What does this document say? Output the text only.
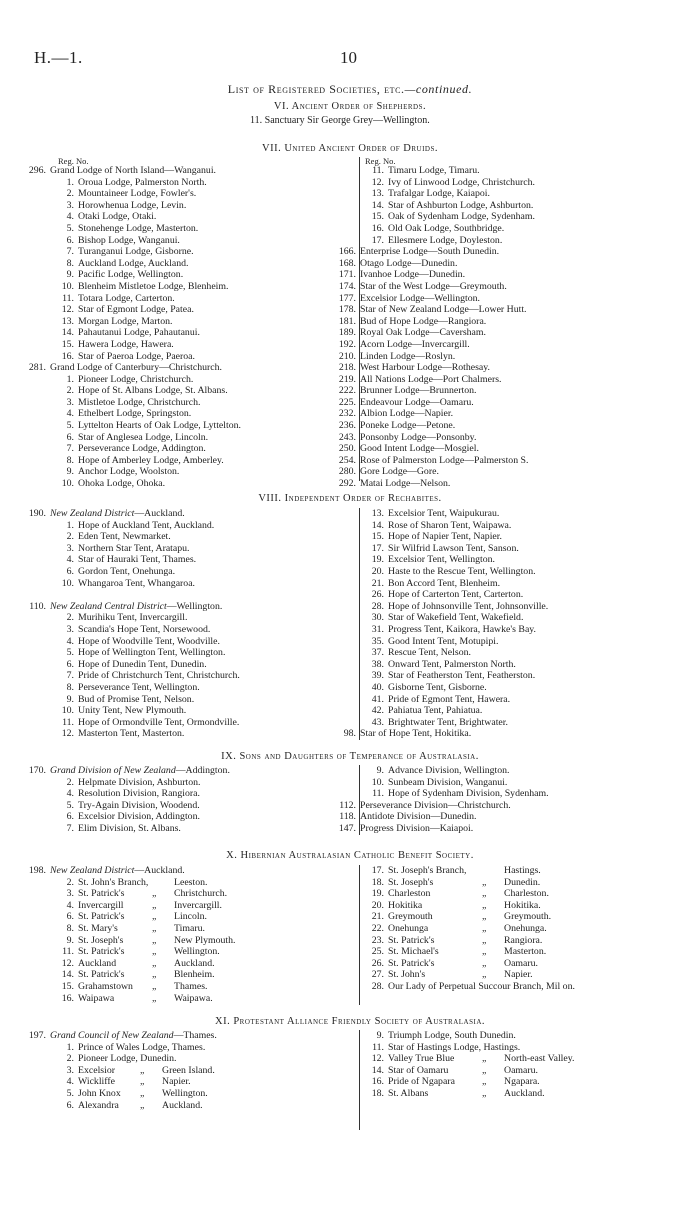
H.—1.	10
List of Registered Societies, etc.—continued.
VI. Ancient Order of Shepherds.
11. Sanctuary Sir George Grey—Wellington.
VII. United Ancient Order of Druids.
Reg. No.	Reg. No.
296. Grand Lodge of North Island—Wanganui.
1. Oroua Lodge, Palmerston North.
2. Mountaineer Lodge, Fowler's.
3. Horowhenua Lodge, Levin.
4. Otaki Lodge, Otaki.
5. Stonehenge Lodge, Masterton.
6. Bishop Lodge, Wanganui.
7. Turanganui Lodge, Gisborne.
8. Auckland Lodge, Auckland.
9. Pacific Lodge, Wellington.
10. Blenheim Mistletoe Lodge, Blenheim.
11. Totara Lodge, Carterton.
12. Star of Egmont Lodge, Patea.
13. Morgan Lodge, Marton.
14. Pahautanui Lodge, Pahautanui.
15. Hawera Lodge, Hawera.
16. Star of Paeroa Lodge, Paeroa.
281. Grand Lodge of Canterbury—Christchurch.
1. Pioneer Lodge, Christchurch.
2. Hope of St. Albans Lodge, St. Albans.
3. Mistletoe Lodge, Christchurch.
4. Ethelbert Lodge, Springston.
5. Lyttelton Hearts of Oak Lodge, Lyttelton.
6. Star of Anglesea Lodge, Lincoln.
7. Perseverance Lodge, Addington.
8. Hope of Amberley Lodge, Amberley.
9. Anchor Lodge, Woolston.
10. Ohoka Lodge, Ohoka.
11. Timaru Lodge, Timaru.
12. Ivy of Linwood Lodge, Christchurch.
13. Trafalgar Lodge, Kaiapoi.
14. Star of Ashburton Lodge, Ashburton.
15. Oak of Sydenham Lodge, Sydenham.
16. Old Oak Lodge, Southbridge.
17. Ellesmere Lodge, Doyleston.
166. Enterprise Lodge—South Dunedin.
168. Otago Lodge—Dunedin.
171. Ivanhoe Lodge—Dunedin.
174. Star of the West Lodge—Greymouth.
177. Excelsior Lodge—Wellington.
178. Star of New Zealand Lodge—Lower Hutt.
181. Bud of Hope Lodge—Rangiora.
189. Royal Oak Lodge—Caversham.
192. Acorn Lodge—Invercargill.
210. Linden Lodge—Roslyn.
218. West Harbour Lodge—Rothesay.
219. All Nations Lodge—Port Chalmers.
222. Brunner Lodge—Brunnerton.
225. Endeavour Lodge—Oamaru.
232. Albion Lodge—Napier.
236. Poneke Lodge—Petone.
243. Ponsonby Lodge—Ponsonby.
250. Good Intent Lodge—Mosgiel.
254. Rose of Palmerston Lodge—Palmerston S.
280. Gore Lodge—Gore.
292. Matai Lodge—Nelson.
VIII. Independent Order of Rechabites.
190. New Zealand District—Auckland.
1. Hope of Auckland Tent, Auckland.
2. Eden Tent, Newmarket.
3. Northern Star Tent, Aratapu.
4. Star of Hauraki Tent, Thames.
6. Gordon Tent, Onehunga.
10. Whangaroa Tent, Whangaroa.
110. New Zealand Central District—Wellington.
2. Murihiku Tent, Invercargill.
3. Scandia's Hope Tent, Norsewood.
4. Hope of Woodville Tent, Woodville.
5. Hope of Wellington Tent, Wellington.
6. Hope of Dunedin Tent, Dunedin.
7. Pride of Christchurch Tent, Christchurch.
8. Perseverance Tent, Wellington.
9. Bud of Promise Tent, Nelson.
10. Unity Tent, New Plymouth.
11. Hope of Ormondville Tent, Ormondville.
12. Masterton Tent, Masterton.
13. Excelsior Tent, Waipukurau.
14. Rose of Sharon Tent, Waipawa.
15. Hope of Napier Tent, Napier.
17. Sir Wilfrid Lawson Tent, Sanson.
19. Excelsior Tent, Wellington.
20. Haste to the Rescue Tent, Wellington.
21. Bon Accord Tent, Blenheim.
26. Hope of Carterton Tent, Carterton.
28. Hope of Johnsonville Tent, Johnsonville.
30. Star of Wakefield Tent, Wakefield.
31. Progress Tent, Kaikora, Hawke's Bay.
35. Good Intent Tent, Motupipi.
37. Rescue Tent, Nelson.
38. Onward Tent, Palmerston North.
39. Star of Featherston Tent, Featherston.
40. Gisborne Tent, Gisborne.
41. Pride of Egmont Tent, Hawera.
42. Pahiatua Tent, Pahiatua.
43. Brightwater Tent, Brightwater.
98. Star of Hope Tent, Hokitika.
IX. Sons and Daughters of Temperance of Australasia.
170. Grand Division of New Zealand—Addington.
2. Helpmate Division, Ashburton.
4. Resolution Division, Rangiora.
5. Try-Again Division, Woodend.
6. Excelsior Division, Addington.
7. Elim Division, St. Albans.
9. Advance Division, Wellington.
10. Sunbeam Division, Wanganui.
11. Hope of Sydenham Division, Sydenham.
112. Perseverance Division—Christchurch.
118. Antidote Division—Dunedin.
147. Progress Division—Kaiapoi.
X. Hibernian Australasian Catholic Benefit Society.
198. New Zealand District—Auckland.
2. St. John's Branch,	Leeston.
3. St. Patrick's	„ Christchurch.
4. Invercargill	„ Invercargill.
6. St. Patrick's	„ Lincoln.
8. St. Mary's	„ Timaru.
9. St. Joseph's	„ New Plymouth.
11. St. Patrick's	„ Wellington.
12. Auckland	„ Auckland.
14. St. Patrick's	„ Blenheim.
15. Grahamstown „ Thames.
16. Waipawa	„ Waipawa.
17. St. Joseph's Branch,	Hastings.
18. St. Joseph's	„ Dunedin.
19. Charleston	„ Charleston.
20. Hokitika	„ Hokitika.
21. Greymouth	„ Greymouth.
22. Onehunga	„ Onehunga.
23. St. Patrick's	„ Rangiora.
25. St. Michael's	„ Masterton.
26. St. Patrick's	„ Oamaru.
27. St. John's	„ Napier.
28. Our Lady of Perpetual Succour Branch, Mil on.
XI. Protestant Alliance Friendly Society of Australasia.
197. Grand Council of New Zealand—Thames.
1. Prince of Wales Lodge, Thames.
2. Pioneer Lodge, Dunedin.
3. Excelsior	„ Green Island.
4. Wickliffe	„ Napier.
5. John Knox „ Wellington.
6. Alexandra „ Auckland.
9. Triumph Lodge, South Dunedin.
11. Star of Hastings Lodge, Hastings.
12. Valley True Blue	„ North-east Valley.
14. Star of Oamaru	„ Oamaru.
16. Pride of Ngapara	„ Ngapara.
18. St. Albans	„ Auckland.
